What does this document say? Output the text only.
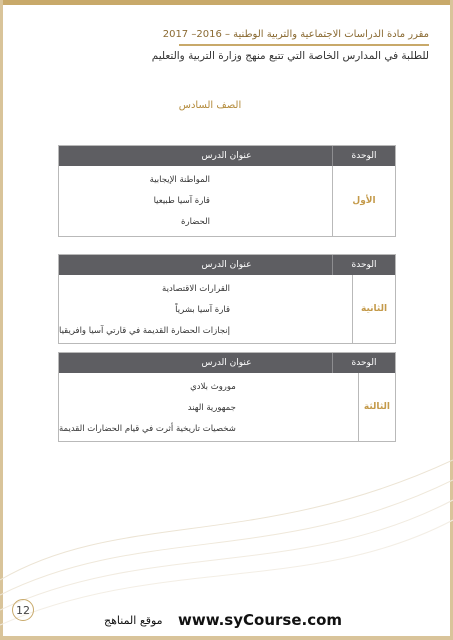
مقرر مادة الدراسات الاجتماعية والتربية الوطنية – 2016– 2017
للطلبة في المدارس الخاصة التي تتبع منهج وزارة التربية والتعليم
الصف السادس
الوحدة
عنوان الدرس
الأول
المواطنة الإيجابية
قارة آسيا طبيعيا
الحضارة
الوحدة
عنوان الدرس
الثانية
القرارات الاقتصادية
قارة آسيا بشرياً
إنجازات الحضارة القديمة في قارتي آسيا وافريقيا
الوحدة
عنوان الدرس
الثالثة
موروث بلادي
جمهورية الهند
شخصيات تاريخية أثرت في قيام الحضارات القديمة
12
موقع المناهج www.syCourse.com
